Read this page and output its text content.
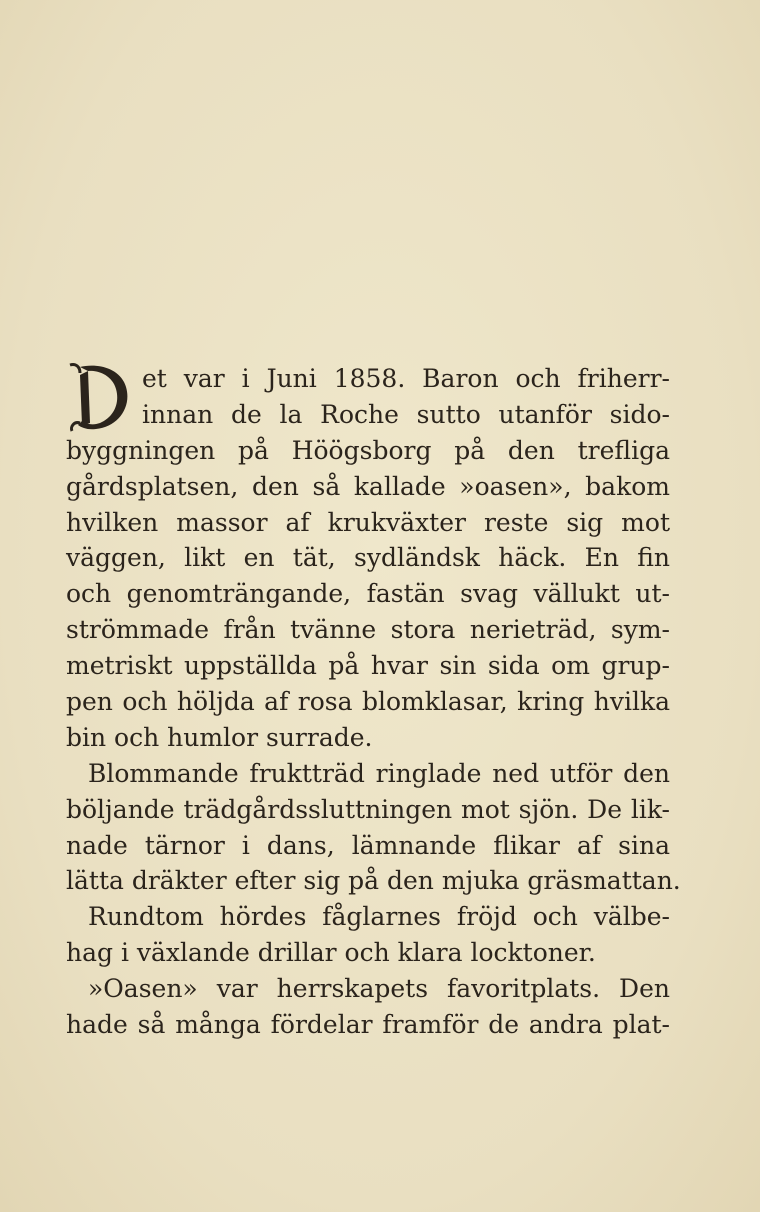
D
et var i Juni 1858. Baron och friherr-
innan de la Roche sutto utanför sido-
byggningen på Höögsborg på den trefliga
gårdsplatsen, den så kallade »oasen», bakom
hvilken massor af krukväxter reste sig mot
väggen, likt en tät, sydländsk häck. En fin
och genomträngande, fastän svag vällukt ut-
strömmade från tvänne stora nerieträd, sym-
metriskt uppställda på hvar sin sida om grup-
pen och höljda af rosa blomklasar, kring hvilka
bin och humlor surrade.
Blommande fruktträd ringlade ned utför den
böljande trädgårdssluttningen mot sjön. De lik-
nade tärnor i dans, lämnande flikar af sina
lätta dräkter efter sig på den mjuka gräsmattan.
Rundtom hördes fåglarnes fröjd och välbe-
hag i växlande drillar och klara locktoner.
»Oasen» var herrskapets favoritplats. Den
hade så många fördelar framför de andra plat-
